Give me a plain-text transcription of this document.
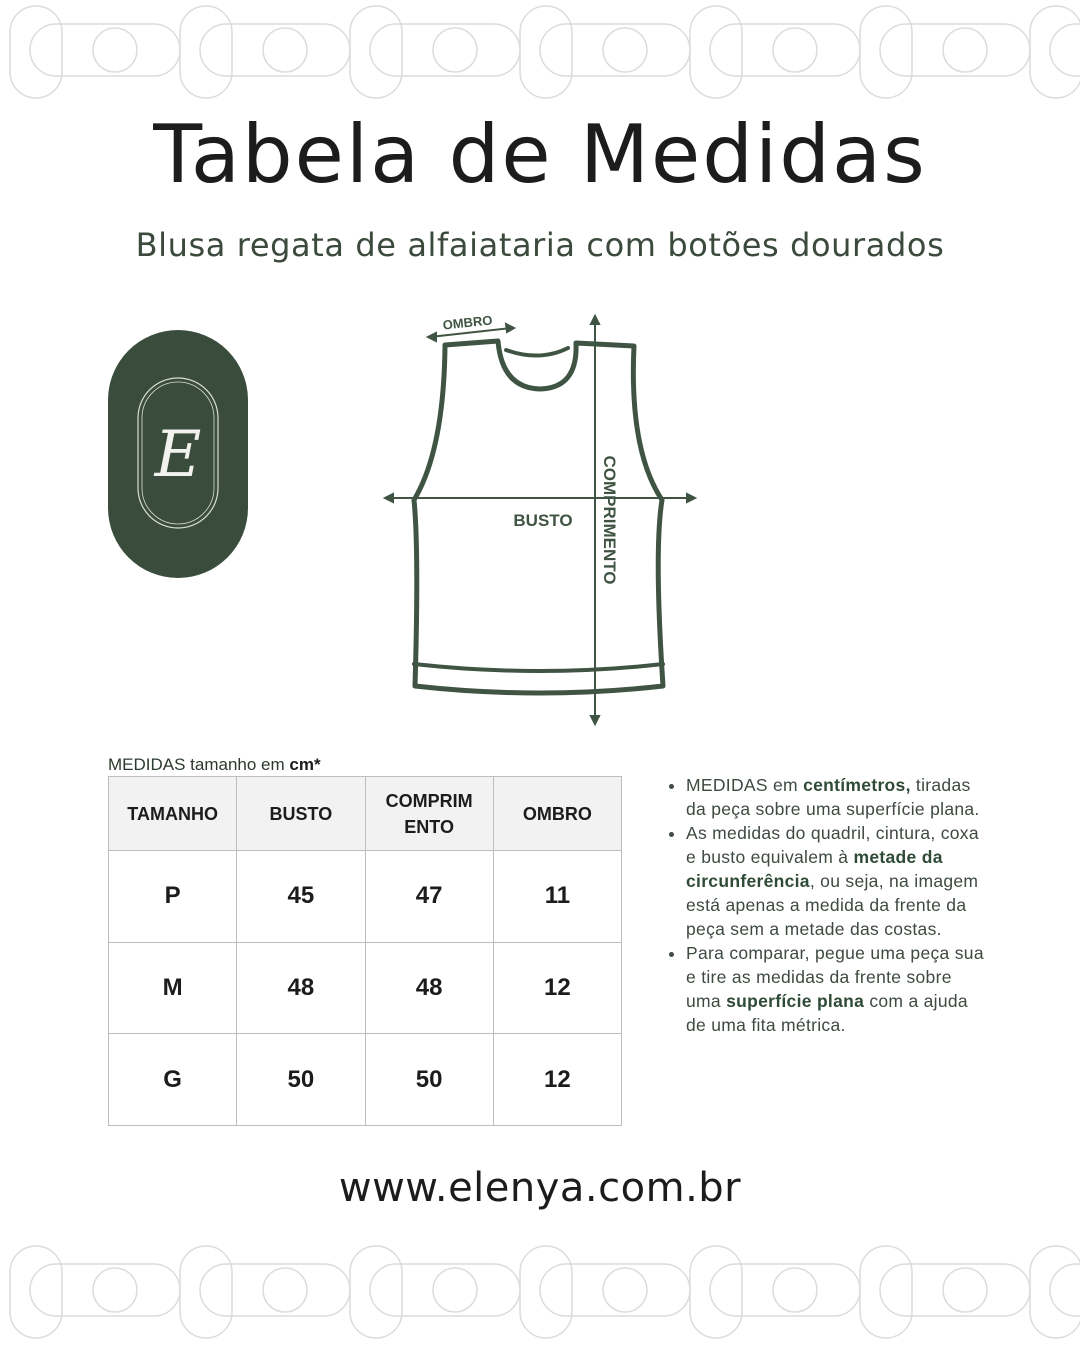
Tabela de Medidas
Blusa regata de alfaiataria com botões dourados
E
OMBRO
BUSTO COMPRIMENTO
MEDIDAS tamanho em cm*
TAMANHO	BUSTO	COMPRIM ENTO	OMBRO
P	45	47	11
M	48	48	12
G	50	50	12
• MEDIDAS em centímetros, tiradas da peça sobre uma superfície plana.
• As medidas do quadril, cintura, coxa e busto equivalem à metade da circunferência, ou seja, na imagem está apenas a medida da frente da peça sem a metade das costas.
• Para comparar, pegue uma peça sua e tire as medidas da frente sobre uma superfície plana com a ajuda de uma fita métrica.
www.elenya.com.br
